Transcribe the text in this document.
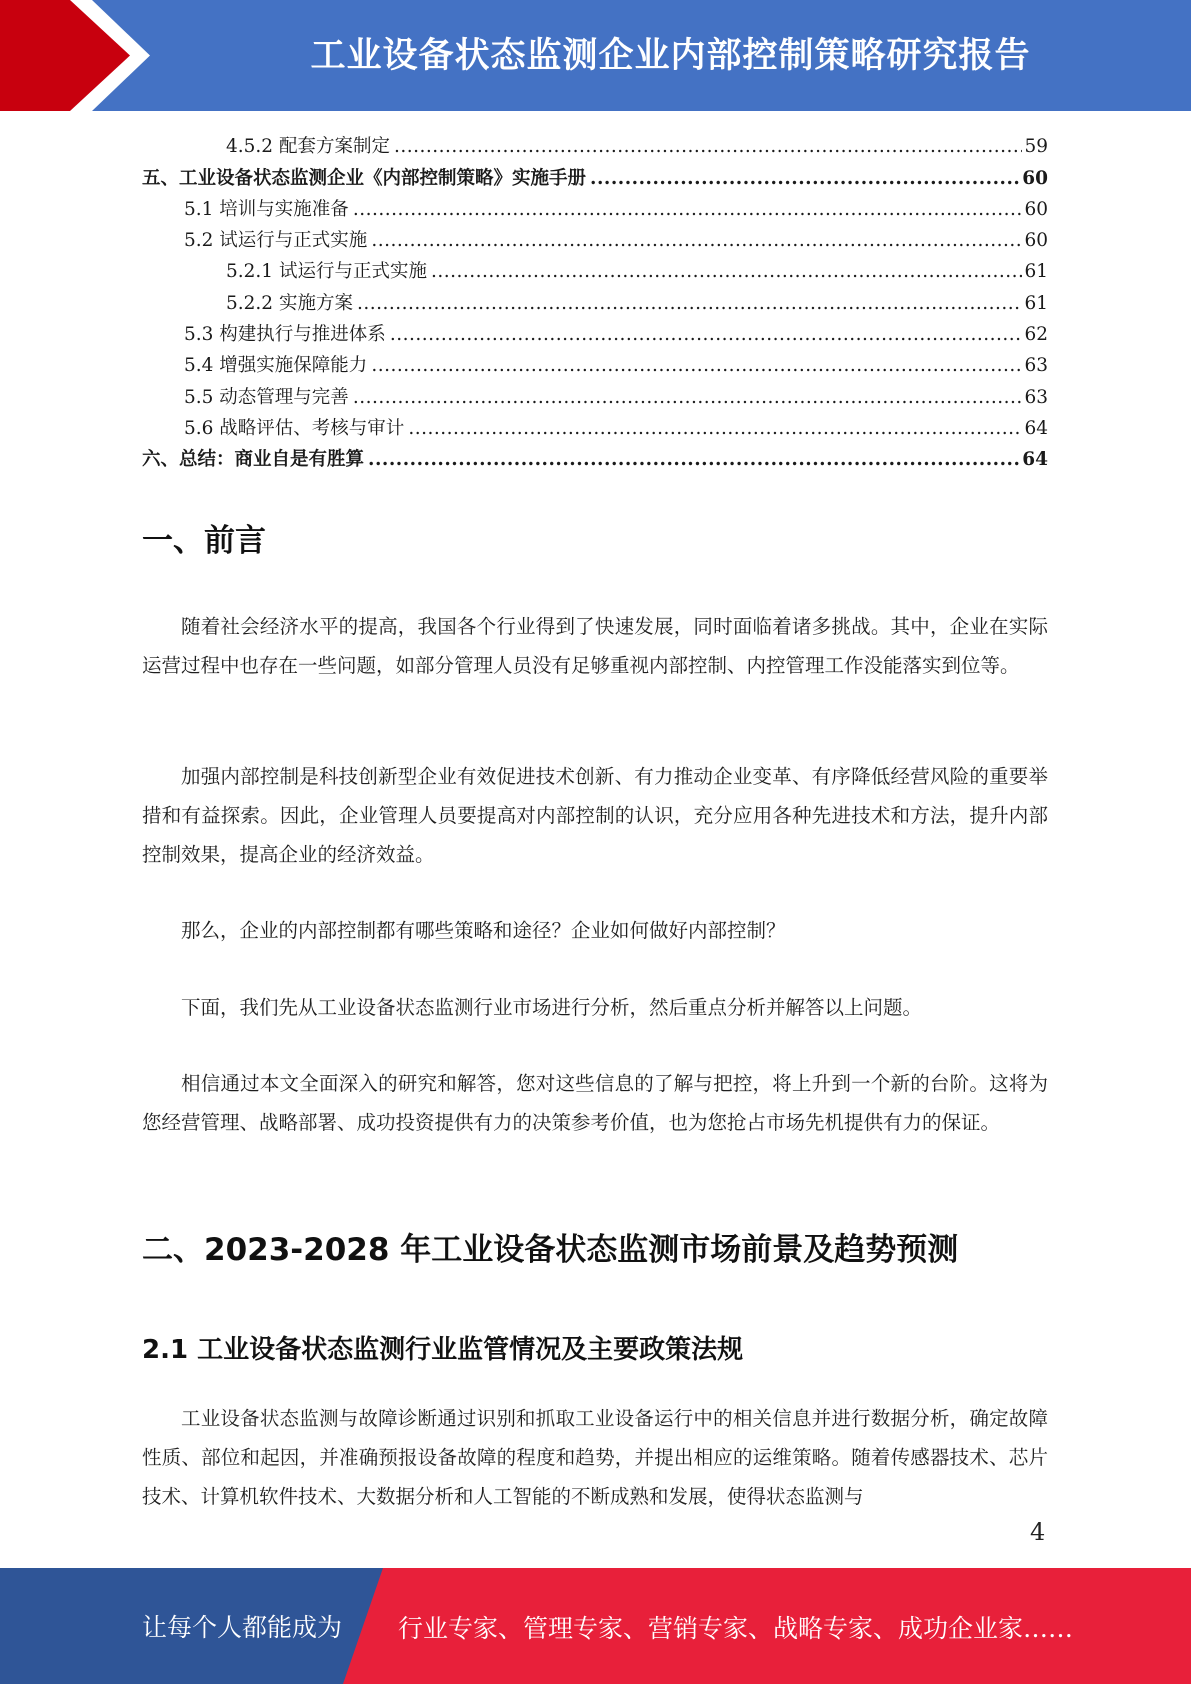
工业设备状态监测企业内部控制策略研究报告
4.5.2 配套方案制定 .....	59
五、工业设备状态监测企业《内部控制策略》实施手册 .....	60
5.1 培训与实施准备 .....	60
5.2 试运行与正式实施 .....	60
5.2.1 试运行与正式实施 .....	61
5.2.2 实施方案 .....	61
5.3 构建执行与推进体系 .....	62
5.4 增强实施保障能力 .....	63
5.5 动态管理与完善 .....	63
5.6 战略评估、考核与审计 .....	64
六、总结：商业自是有胜算 .....	64
一、前言

随着社会经济水平的提高，我国各个行业得到了快速发展，同时面临着诸多挑战。其中，企业在实际运营过程中也存在一些问题，如部分管理人员没有足够重视内部控制、内控管理工作没能落实到位等。

加强内部控制是科技创新型企业有效促进技术创新、有力推动企业变革、有序降低经营风险的重要举措和有益探索。因此，企业管理人员要提高对内部控制的认识，充分应用各种先进技术和方法，提升内部控制效果，提高企业的经济效益。

那么，企业的内部控制都有哪些策略和途径？企业如何做好内部控制？

下面，我们先从工业设备状态监测行业市场进行分析，然后重点分析并解答以上问题。

相信通过本文全面深入的研究和解答，您对这些信息的了解与把控，将上升到一个新的台阶。这将为您经营管理、战略部署、成功投资提供有力的决策参考价值，也为您抢占市场先机提供有力的保证。

二、2023-2028 年工业设备状态监测市场前景及趋势预测
2.1 工业设备状态监测行业监管情况及主要政策法规

工业设备状态监测与故障诊断通过识别和抓取工业设备运行中的相关信息并进行数据分析，确定故障性质、部位和起因，并准确预报设备故障的程度和趋势，并提出相应的运维策略。随着传感器技术、芯片技术、计算机软件技术、大数据分析和人工智能的不断成熟和发展，使得状态监测与

4
让每个人都能成为 行业专家、管理专家、营销专家、战略专家、成功企业家……
